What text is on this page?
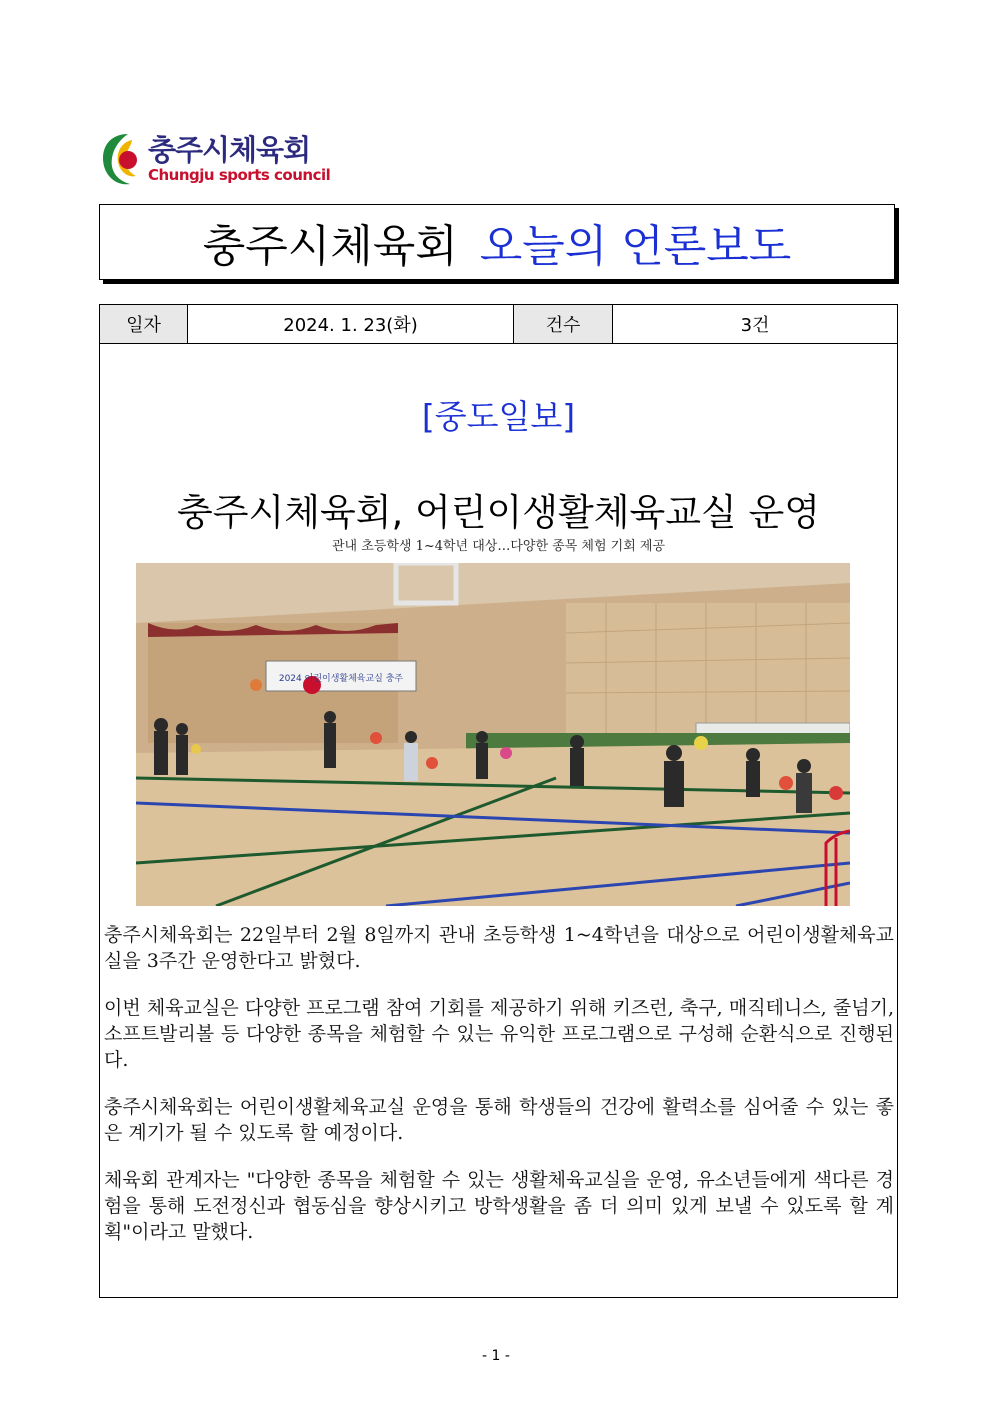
충주시체육회
Chungju sports council
충주시체육회 오늘의 언론보도
일자	2024. 1. 23(화)	건수	3건
[중도일보]
충주시체육회, 어린이생활체육교실 운영
관내 초등학생 1~4학년 대상…다양한 종목 체험 기회 제공
2024 어린이생활체육교실 충주

충주시체육회는 22일부터 2월 8일까지 관내 초등학생 1~4학년을 대상으로 어린이생활체육교실을 3주간 운영한다고 밝혔다.

이번 체육교실은 다양한 프로그램 참여 기회를 제공하기 위해 키즈런, 축구, 매직테니스, 줄넘기, 소프트발리볼 등 다양한 종목을 체험할 수 있는 유익한 프로그램으로 구성해 순환식으로 진행된다.

충주시체육회는 어린이생활체육교실 운영을 통해 학생들의 건강에 활력소를 심어줄 수 있는 좋은 계기가 될 수 있도록 할 예정이다.

체육회 관계자는 "다양한 종목을 체험할 수 있는 생활체육교실을 운영, 유소년들에게 색다른 경험을 통해 도전정신과 협동심을 향상시키고 방학생활을 좀 더 의미 있게 보낼 수 있도록 할 계획"이라고 말했다.

- 1 -
